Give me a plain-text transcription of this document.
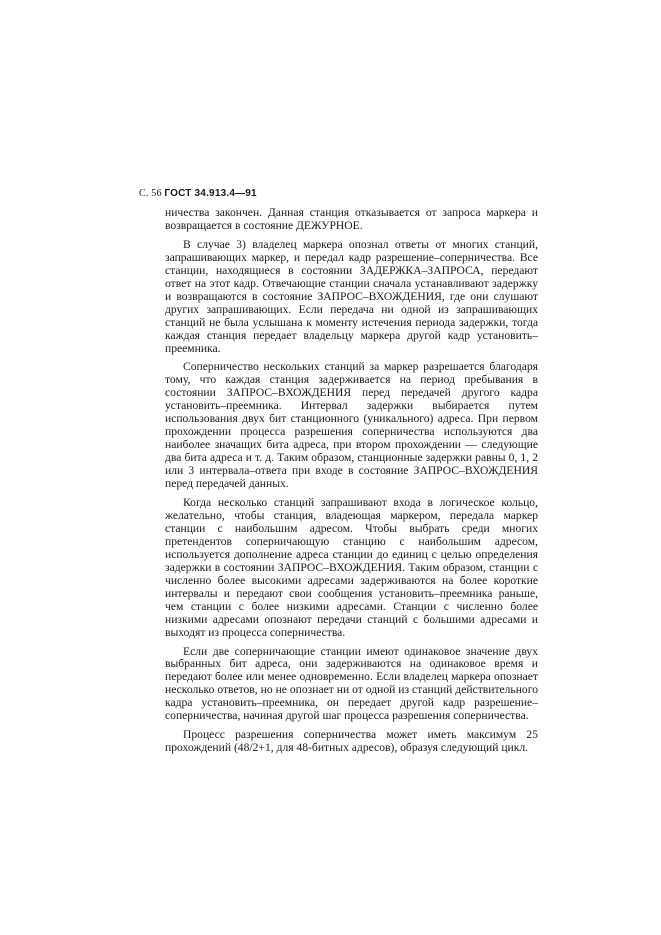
С. 56 ГОСТ 34.913.4—91

ничества закончен. Данная станция отказывается от запроса маркера и возвращается в состояние ДЕЖУРНОЕ.

В случае 3) владелец маркера опознал ответы от многих станций, запрашивающих маркер, и передал кадр разрешение–соперничества. Все станции, находящиеся в состоянии ЗАДЕРЖКА–ЗАПРОСА, передают ответ на этот кадр. Отвечающие станции сначала устанавливают задержку и возвращаются в состояние ЗАПРОС–ВХОЖДЕНИЯ, где они слушают других запрашивающих. Если передача ни одной из запрашивающих станций не была услышана к моменту истечения периода задержки, тогда каждая станция передает владельцу маркера другой кадр установить–преемника.

Соперничество нескольких станций за маркер разрешается благодаря тому, что каждая станция задерживается на период пребывания в состоянии ЗАПРОС–ВХОЖДЕНИЯ перед передачей другого кадра установить–преемника. Интервал задержки выбирается путем использования двух бит станционного (уникального) адреса. При первом прохождении процесса разрешения соперничества используются два наиболее значащих бита адреса, при втором прохождении — следующие два бита адреса и т. д. Таким образом, станционные задержки равны 0, 1, 2 или 3 интервала–ответа при входе в состояние ЗАПРОС–ВХОЖДЕНИЯ перед передачей данных.

Когда несколько станций запрашивают входа в логическое кольцо, желательно, чтобы станция, владеющая маркером, передала маркер станции с наибольшим адресом. Чтобы выбрать среди многих претендентов соперничающую станцию с наибольшим адресом, используется дополнение адреса станции до единиц с целью определения задержки в состоянии ЗАПРОС–ВХОЖДЕНИЯ. Таким образом, станции с численно более высокими адресами задерживаются на более короткие интервалы и передают свои сообщения установить–преемника раньше, чем станции с более низкими адресами. Станции с численно более низкими адресами опознают передачи станций с большими адресами и выходят из процесса соперничества.

Если две соперничающие станции имеют одинаковое значение двух выбранных бит адреса, они задерживаются на одинаковое время и передают более или менее одновременно. Если владелец маркера опознает несколько ответов, но не опознает ни от одной из станций действительного кадра установить–преемника, он передает другой кадр разрешение–соперничества, начиная другой шаг процесса разрешения соперничества.

Процесс разрешения соперничества может иметь максимум 25 прохождений (48/2+1, для 48-битных адресов), образуя следующий цикл.
